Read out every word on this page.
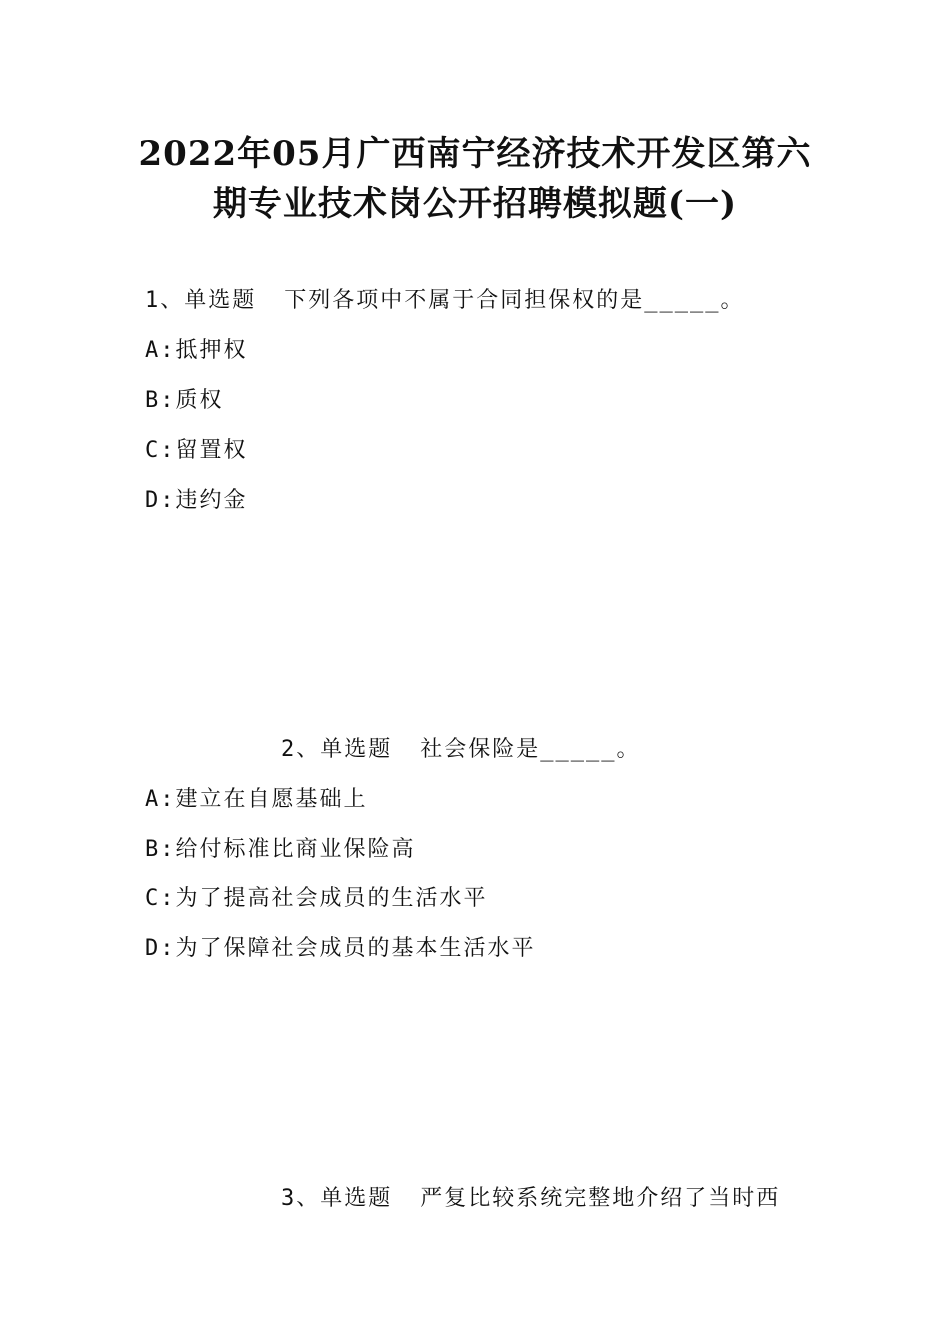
2022年05月广西南宁经济技术开发区第六
期专业技术岗公开招聘模拟题(一)
1、单选题 下列各项中不属于合同担保权的是_____。
A:抵押权
B:质权
C:留置权
D:违约金
2、单选题 社会保险是_____。
A:建立在自愿基础上
B:给付标准比商业保险高
C:为了提高社会成员的生活水平
D:为了保障社会成员的基本生活水平
3、单选题 严复比较系统完整地介绍了当时西
